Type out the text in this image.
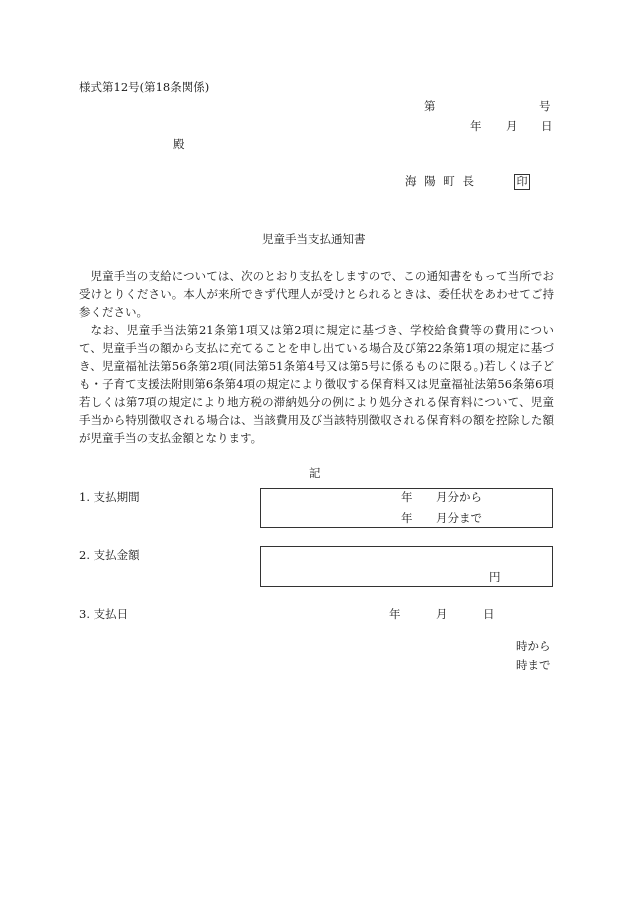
様式第12号(第18条関係)
第	号
年 月 日
殿
海 陽 町 長	印
児童手当支払通知書
児童手当の支給については、次のとおり支払をしますので、この通知書をもって当所でお受けとりください。本人が来所できず代理人が受けとられるときは、委任状をあわせてご持参ください。
なお、児童手当法第21条第1項又は第2項に規定に基づき、学校給食費等の費用について、児童手当の額から支払に充てることを申し出ている場合及び第22条第1項の規定に基づき、児童福祉法第56条第2項(同法第51条第4号又は第5号に係るものに限る。)若しくは子ども・子育て支援法附則第6条第4項の規定により徴収する保育料又は児童福祉法第56条第6項若しくは第7項の規定により地方税の滞納処分の例により処分される保育料について、児童手当から特別徴収される場合は、当該費用及び当該特別徴収される保育料の額を控除した額が児童手当の支払金額となります。
記
1. 支払期間	年 月分から
年 月分まで
2. 支払金額
円
3. 支払日	年	月	日
時から
時まで
